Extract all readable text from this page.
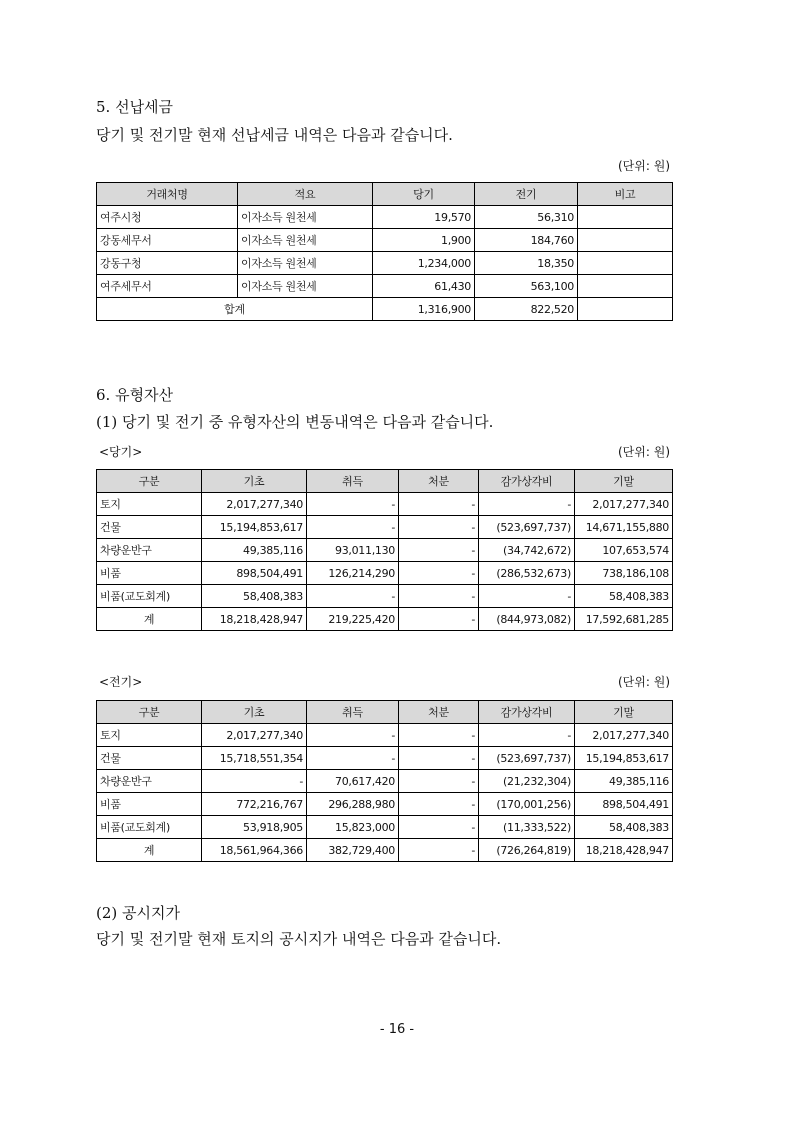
5. 선납세금
당기 및 전기말 현재 선납세금 내역은 다음과 같습니다.
(단위: 원)
거래처명	적요	당기	전기	비고
여주시청	이자소득 원천세	19,570	56,310	
강동세무서	이자소득 원천세	1,900	184,760	
강동구청	이자소득 원천세	1,234,000	18,350	
여주세무서	이자소득 원천세	61,430	563,100	
합계		1,316,900	822,520	
6. 유형자산
(1) 당기 및 전기 중 유형자산의 변동내역은 다음과 같습니다.
<당기>	(단위: 원)
구분	기초	취득	처분	감가상각비	기말
토지	2,017,277,340	-	-	-	2,017,277,340
건물	15,194,853,617	-	-	(523,697,737)	14,671,155,880
차량운반구	49,385,116	93,011,130	-	(34,742,672)	107,653,574
비품	898,504,491	126,214,290	-	(286,532,673)	738,186,108
비품(교도회계)	58,408,383	-	-	-	58,408,383
계	18,218,428,947	219,225,420	-	(844,973,082)	17,592,681,285
<전기>	(단위: 원)
구분	기초	취득	처분	감가상각비	기말
토지	2,017,277,340	-	-	-	2,017,277,340
건물	15,718,551,354	-	-	(523,697,737)	15,194,853,617
차량운반구	-	70,617,420	-	(21,232,304)	49,385,116
비품	772,216,767	296,288,980	-	(170,001,256)	898,504,491
비품(교도회계)	53,918,905	15,823,000	-	(11,333,522)	58,408,383
계	18,561,964,366	382,729,400	-	(726,264,819)	18,218,428,947
(2) 공시지가
당기 및 전기말 현재 토지의 공시지가 내역은 다음과 같습니다.
- 16 -
